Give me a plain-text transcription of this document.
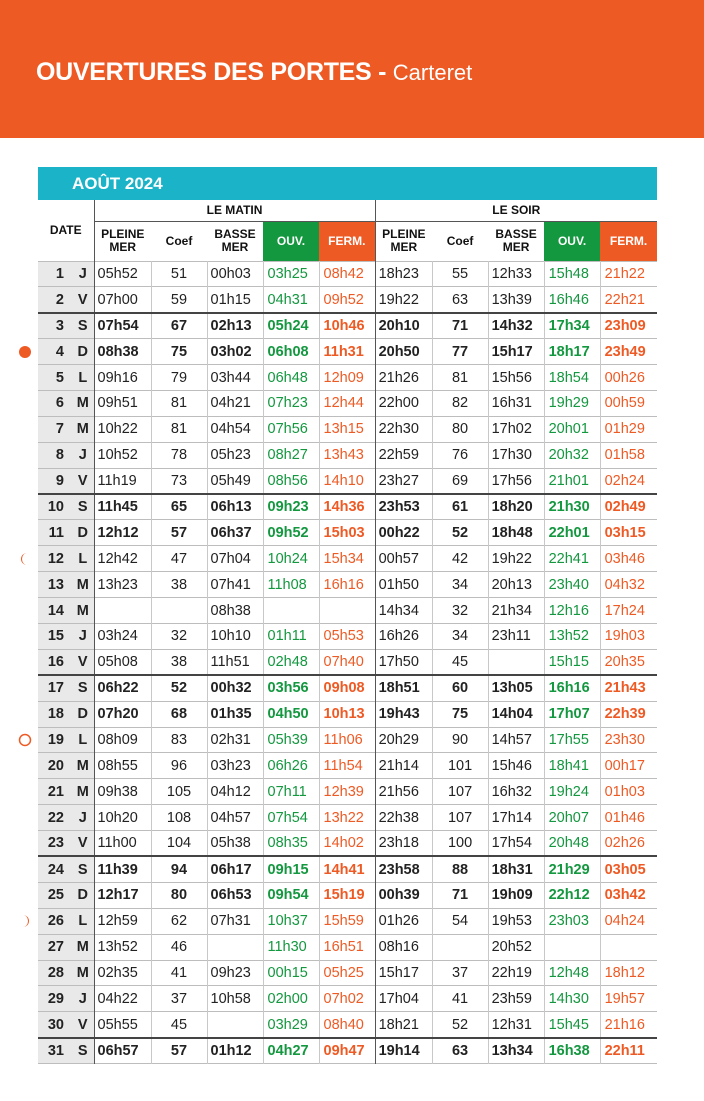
OUVERTURES DES PORTES - Carteret
AOÛT 2024
DATE		LE MATIN					LE SOIR				
		PLEINE
MER	Coef	BASSE
MER	OUV.	FERM.	PLEINE
MER	Coef	BASSE
MER	OUV.	FERM.
1	J	05h52	51	00h03	03h25	08h42	18h23	55	12h33	15h48	21h22
2	V	07h00	59	01h15	04h31	09h52	19h22	63	13h39	16h46	22h21
3	S	07h54	67	02h13	05h24	10h46	20h10	71	14h32	17h34	23h09
4	D	08h38	75	03h02	06h08	11h31	20h50	77	15h17	18h17	23h49
5	L	09h16	79	03h44	06h48	12h09	21h26	81	15h56	18h54	00h26
6	M	09h51	81	04h21	07h23	12h44	22h00	82	16h31	19h29	00h59
7	M	10h22	81	04h54	07h56	13h15	22h30	80	17h02	20h01	01h29
8	J	10h52	78	05h23	08h27	13h43	22h59	76	17h30	20h32	01h58
9	V	11h19	73	05h49	08h56	14h10	23h27	69	17h56	21h01	02h24
10	S	11h45	65	06h13	09h23	14h36	23h53	61	18h20	21h30	02h49
11	D	12h12	57	06h37	09h52	15h03	00h22	52	18h48	22h01	03h15
12	L	12h42	47	07h04	10h24	15h34	00h57	42	19h22	22h41	03h46
13	M	13h23	38	07h41	11h08	16h16	01h50	34	20h13	23h40	04h32
14	M			08h38			14h34	32	21h34	12h16	17h24
15	J	03h24	32	10h10	01h11	05h53	16h26	34	23h11	13h52	19h03
16	V	05h08	38	11h51	02h48	07h40	17h50	45		15h15	20h35
17	S	06h22	52	00h32	03h56	09h08	18h51	60	13h05	16h16	21h43
18	D	07h20	68	01h35	04h50	10h13	19h43	75	14h04	17h07	22h39
19	L	08h09	83	02h31	05h39	11h06	20h29	90	14h57	17h55	23h30
20	M	08h55	96	03h23	06h26	11h54	21h14	101	15h46	18h41	00h17
21	M	09h38	105	04h12	07h11	12h39	21h56	107	16h32	19h24	01h03
22	J	10h20	108	04h57	07h54	13h22	22h38	107	17h14	20h07	01h46
23	V	11h00	104	05h38	08h35	14h02	23h18	100	17h54	20h48	02h26
24	S	11h39	94	06h17	09h15	14h41	23h58	88	18h31	21h29	03h05
25	D	12h17	80	06h53	09h54	15h19	00h39	71	19h09	22h12	03h42
26	L	12h59	62	07h31	10h37	15h59	01h26	54	19h53	23h03	04h24
27	M	13h52	46		11h30	16h51	08h16		20h52		
28	M	02h35	41	09h23	00h15	05h25	15h17	37	22h19	12h48	18h12
29	J	04h22	37	10h58	02h00	07h02	17h04	41	23h59	14h30	19h57
30	V	05h55	45		03h29	08h40	18h21	52	12h31	15h45	21h16
31	S	06h57	57	01h12	04h27	09h47	19h14	63	13h34	16h38	22h11
